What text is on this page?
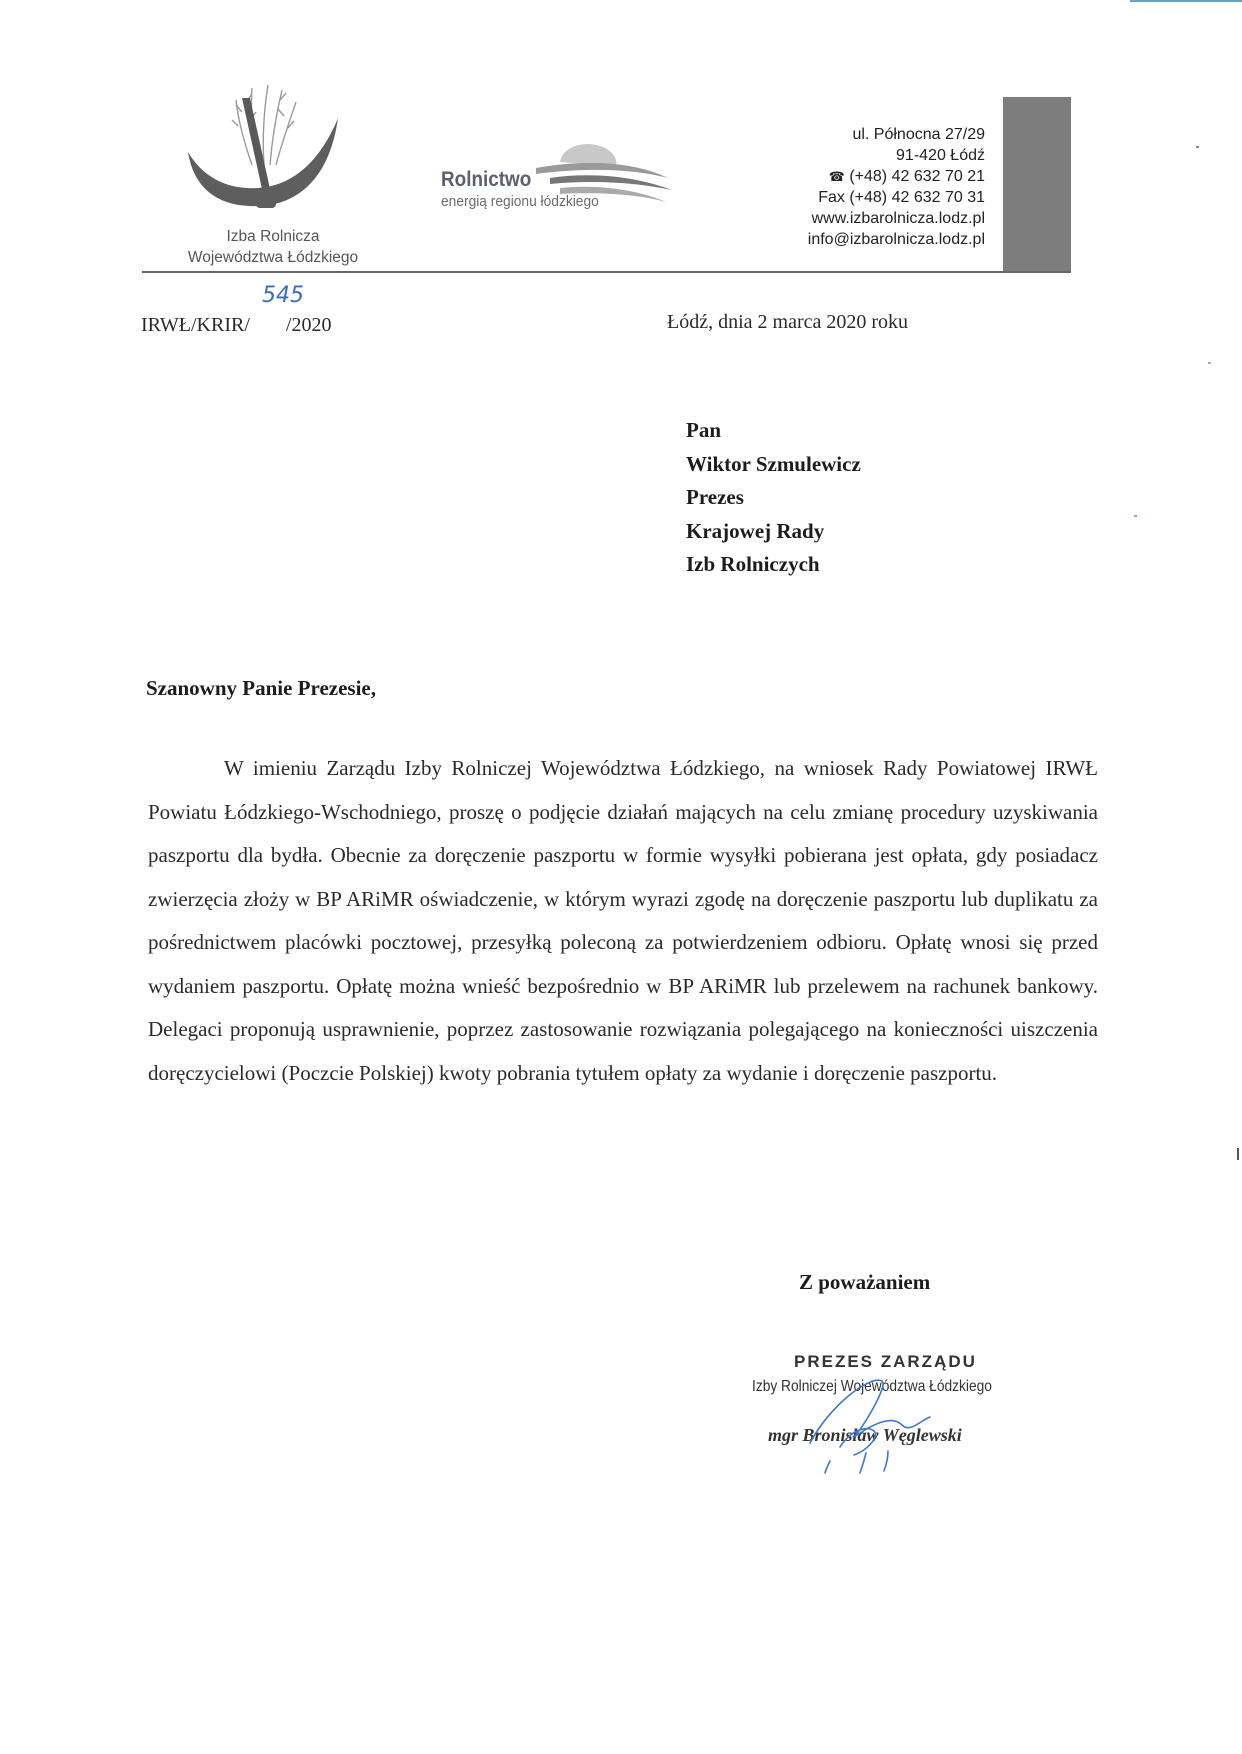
Izba Rolnicza
Województwa Łódzkiego
Rolnictwo
energią regionu łódzkiego
ul. Północna 27/29
91-420 Łódź
☎ (+48) 42 632 70 21
Fax (+48) 42 632 70 31
www.izbarolnicza.lodz.pl
info@izbarolnicza.lodz.pl
IRWŁ/KRIR/ /2020
545
Łódź, dnia 2 marca 2020 roku
Pan
Wiktor Szmulewicz
Prezes
Krajowej Rady
Izb Rolniczych
Szanowny Panie Prezesie,

W imieniu Zarządu Izby Rolniczej Województwa Łódzkiego, na wniosek Rady Powiatowej IRWŁ Powiatu Łódzkiego-Wschodniego, proszę o podjęcie działań mających na celu zmianę procedury uzyskiwania paszportu dla bydła. Obecnie za doręczenie paszportu w formie wysyłki pobierana jest opłata, gdy posiadacz zwierzęcia złoży w BP ARiMR oświadczenie, w którym wyrazi zgodę na doręczenie paszportu lub duplikatu za pośrednictwem placówki pocztowej, przesyłką poleconą za potwierdzeniem odbioru. Opłatę wnosi się przed wydaniem paszportu. Opłatę można wnieść bezpośrednio w BP ARiMR lub przelewem na rachunek bankowy. Delegaci proponują usprawnienie, poprzez zastosowanie rozwiązania polegającego na konieczności uiszczenia doręczycielowi (Poczcie Polskiej) kwoty pobrania tytułem opłaty za wydanie i doręczenie paszportu.

Z poważaniem
PREZES ZARZĄDU
Izby Rolniczej Województwa Łódzkiego
mgr Bronisław Węglewski
